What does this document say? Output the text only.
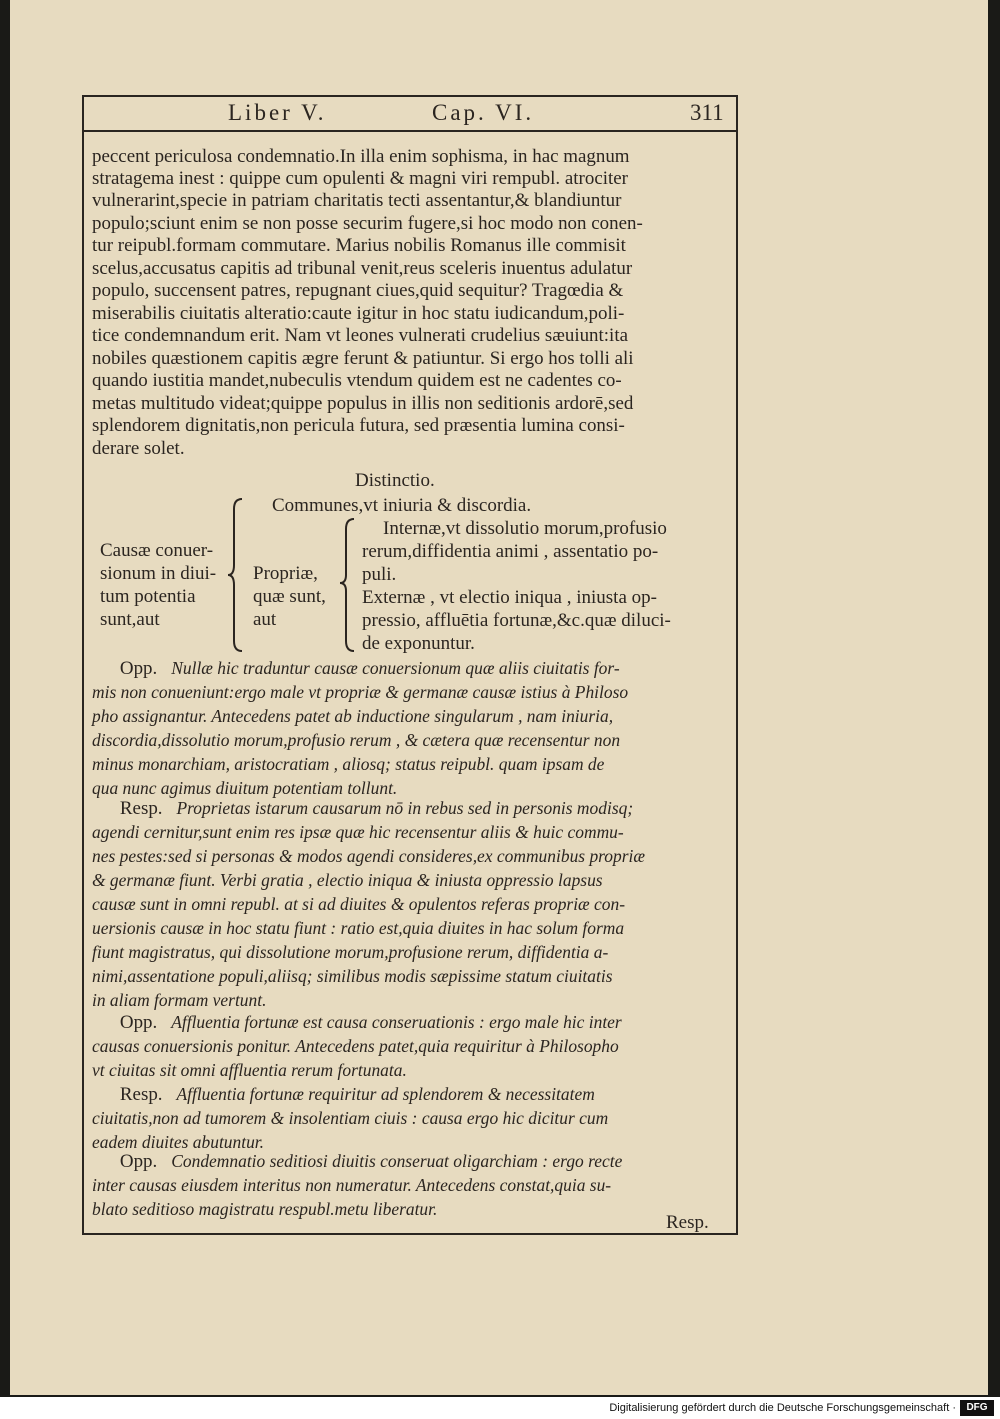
Liber V.	Cap. VI.	311
peccent periculosa condemnatio.In illa enim sophisma, in hac magnum
stratagema inest : quippe cum opulenti & magni viri rempubl. atrociter
vulnerarint,specie in patriam charitatis tecti assentantur,& blandiuntur
populo;sciunt enim se non posse securim fugere,si hoc modo non conen-
tur reipubl.formam commutare. Marius nobilis Romanus ille commisit
scelus,accusatus capitis ad tribunal venit,reus sceleris inuentus adulatur
populo, succensent patres, repugnant ciues,quid sequitur? Tragœdia &
miserabilis ciuitatis alteratio:caute igitur in hoc statu iudicandum,poli-
tice condemnandum erit. Nam vt leones vulnerati crudelius sæuiunt:ita
nobiles quæstionem capitis ægre ferunt & patiuntur. Si ergo hos tolli ali
quando iustitia mandet,nubeculis vtendum quidem est ne cadentes co-
metas multitudo videat;quippe populus in illis non seditionis ardorē,sed
splendorem dignitatis,non pericula futura, sed præsentia lumina consi-
derare solet.
Distinctio.
Causæ conuer-
sionum in diui-
tum potentia
sunt,aut
Communes,vt iniuria & discordia.
Propriæ,
quæ sunt,
aut
Internæ,vt dissolutio morum,profusio
rerum,diffidentia animi , assentatio po-
puli.
Externæ , vt electio iniqua , iniusta op-
pressio, affluētia fortunæ,&c.quæ diluci-
de exponuntur.
Opp. Nullæ hic traduntur causæ conuersionum quæ aliis ciuitatis for-
mis non conueniunt:ergo male vt propriæ & germanæ causæ istius à Philoso
pho assignantur. Antecedens patet ab inductione singularum , nam iniuria,
discordia,dissolutio morum,profusio rerum , & cætera quæ recensentur non
minus monarchiam, aristocratiam , aliosq; status reipubl. quam ipsam de
qua nunc agimus diuitum potentiam tollunt.
Resp. Proprietas istarum causarum nō in rebus sed in personis modisq;
agendi cernitur,sunt enim res ipsæ quæ hic recensentur aliis & huic commu-
nes pestes:sed si personas & modos agendi consideres,ex communibus propriæ
& germanæ fiunt. Verbi gratia , electio iniqua & iniusta oppressio lapsus
causæ sunt in omni republ. at si ad diuites & opulentos referas propriæ con-
uersionis causæ in hoc statu fiunt : ratio est,quia diuites in hac solum forma
fiunt magistratus, qui dissolutione morum,profusione rerum, diffidentia a-
nimi,assentatione populi,aliisq; similibus modis sæpissime statum ciuitatis
in aliam formam vertunt.
Opp. Affluentia fortunæ est causa conseruationis : ergo male hic inter
causas conuersionis ponitur. Antecedens patet,quia requiritur à Philosopho
vt ciuitas sit omni affluentia rerum fortunata.
Resp. Affluentia fortunæ requiritur ad splendorem & necessitatem
ciuitatis,non ad tumorem & insolentiam ciuis : causa ergo hic dicitur cum
eadem diuites abutuntur.
Opp. Condemnatio seditiosi diuitis conseruat oligarchiam : ergo recte
inter causas eiusdem interitus non numeratur. Antecedens constat,quia su-
blato seditioso magistratu respubl.metu liberatur.
Resp.
Digitalisierung gefördert durch die Deutsche Forschungsgemeinschaft ·	DFG
